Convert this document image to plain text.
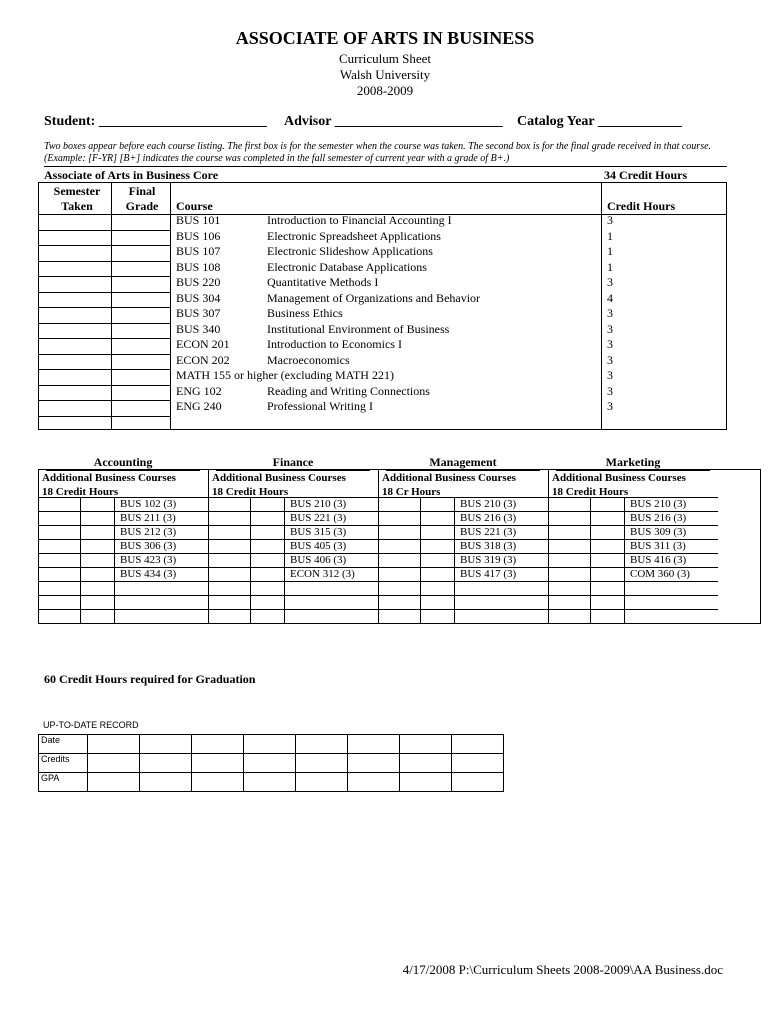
ASSOCIATE OF ARTS IN BUSINESS
Curriculum Sheet
Walsh University
2008-2009
Student: ________________________ Advisor ________________________ Catalog Year ____________
Two boxes appear before each course listing. The first box is for the semester when the course was taken. The second box is for the final grade received in that course.
(Example: [F-YR] [B+] indicates the course was completed in the fall semester of current year with a grade of B+.)
Associate of Arts in Business Core	34 Credit Hours
Semester
Taken
Final
Grade	Course	Credit Hours
BUS 101	Introduction to Financial Accounting I	3
BUS 106	Electronic Spreadsheet Applications	1
BUS 107	Electronic Slideshow Applications	1
BUS 108	Electronic Database Applications	1
BUS 220	Quantitative Methods I	3
BUS 304	Management of Organizations and Behavior	4
BUS 307	Business Ethics	3
BUS 340	Institutional Environment of Business	3
ECON 201	Introduction to Economics I	3
ECON 202	Macroeconomics	3
MATH 155 or higher (excluding MATH 221)	3
ENG 102	Reading and Writing Connections	3
ENG 240	Professional Writing I	3
Accounting
Additional Business Courses
18 Credit Hours
BUS 102 (3)
BUS 211 (3)
BUS 212 (3)
BUS 306 (3)
BUS 423 (3)
BUS 434 (3)
Finance
Additional Business Courses
18 Credit Hours
BUS 210 (3)
BUS 221 (3)
BUS 315 (3)
BUS 405 (3)
BUS 406 (3)
ECON 312 (3)
Management
Additional Business Courses
18 Cr Hours
BUS 210 (3)
BUS 216 (3)
BUS 221 (3)
BUS 318 (3)
BUS 319 (3)
BUS 417 (3)
Marketing
Additional Business Courses
18 Credit Hours
BUS 210 (3)
BUS 216 (3)
BUS 309 (3)
BUS 311 (3)
BUS 416 (3)
COM 360 (3)
60 Credit Hours required for Graduation
UP-TO-DATE RECORD
Date								
Credits								
GPA								
4/17/2008 P:\Curriculum Sheets 2008-2009\AA Business.doc
